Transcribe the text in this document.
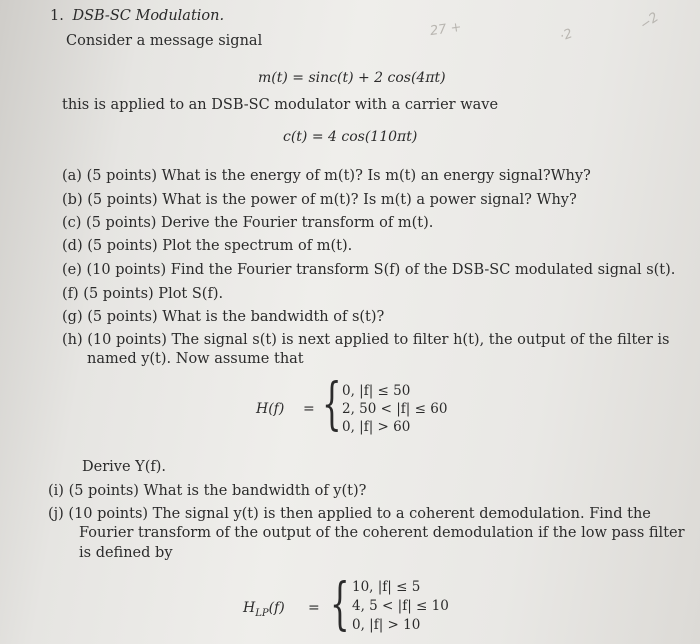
27 +	·2
−2
1. DSB-SC Modulation.
Consider a message signal
m(t) = sinc(t) + 2 cos(4πt)
this is applied to an DSB-SC modulator with a carrier wave
c(t) = 4 cos(110πt)
(a) (5 points) What is the energy of m(t)? Is m(t) an energy signal?Why?
(b) (5 points) What is the power of m(t)? Is m(t) a power signal? Why?
(c) (5 points) Derive the Fourier transform of m(t).
(d) (5 points) Plot the spectrum of m(t).
(e) (10 points) Find the Fourier transform S(f) of the DSB-SC modulated signal s(t).
(f) (5 points) Plot S(f).
(g) (5 points) What is the bandwidth of s(t)?
(h) (10 points) The signal s(t) is next applied to filter h(t), the output of the filter is
named y(t). Now assume that
H(f) = { 0, |f| ≤ 50
2, 50 < |f| ≤ 60
0, |f| > 60
Derive Y(f).
(i) (5 points) What is the bandwidth of y(t)?
(j) (10 points) The signal y(t) is then applied to a coherent demodulation. Find the
Fourier transform of the output of the coherent demodulation if the low pass filter
is defined by
$H_{LP}(f)$ = { 10, |f| ≤ 5
4, 5 < |f| ≤ 10
0, |f| > 10
